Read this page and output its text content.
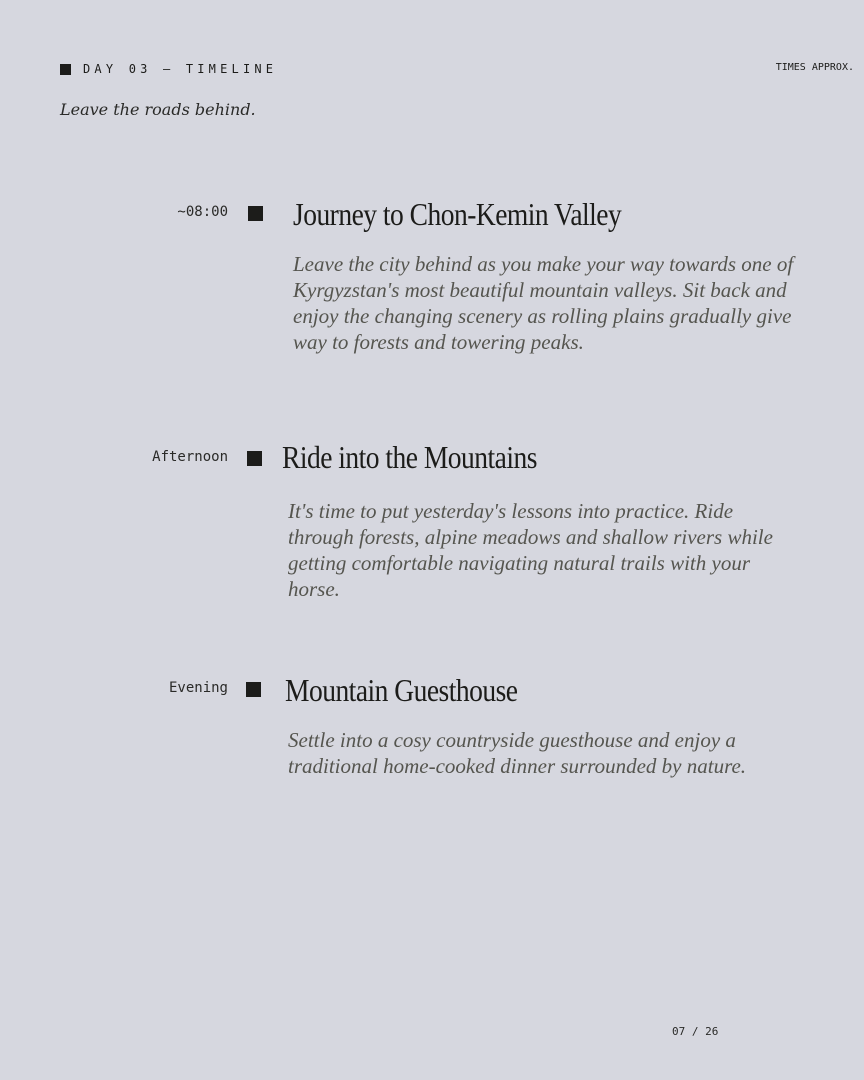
DAY 03 — TIMELINE	TIMES APPROX.
Leave the roads behind.
~08:00 Journey to Chon-Kemin Valley
Leave the city behind as you make your way towards one of Kyrgyzstan's most beautiful mountain valleys. Sit back and enjoy the changing scenery as rolling plains gradually give way to forests and towering peaks.
Afternoon Ride into the Mountains
It's time to put yesterday's lessons into practice. Ride through forests, alpine meadows and shallow rivers while getting comfortable navigating natural trails with your horse.
Evening Mountain Guesthouse
Settle into a cosy countryside guesthouse and enjoy a traditional home-cooked dinner surrounded by nature.
07 / 26
